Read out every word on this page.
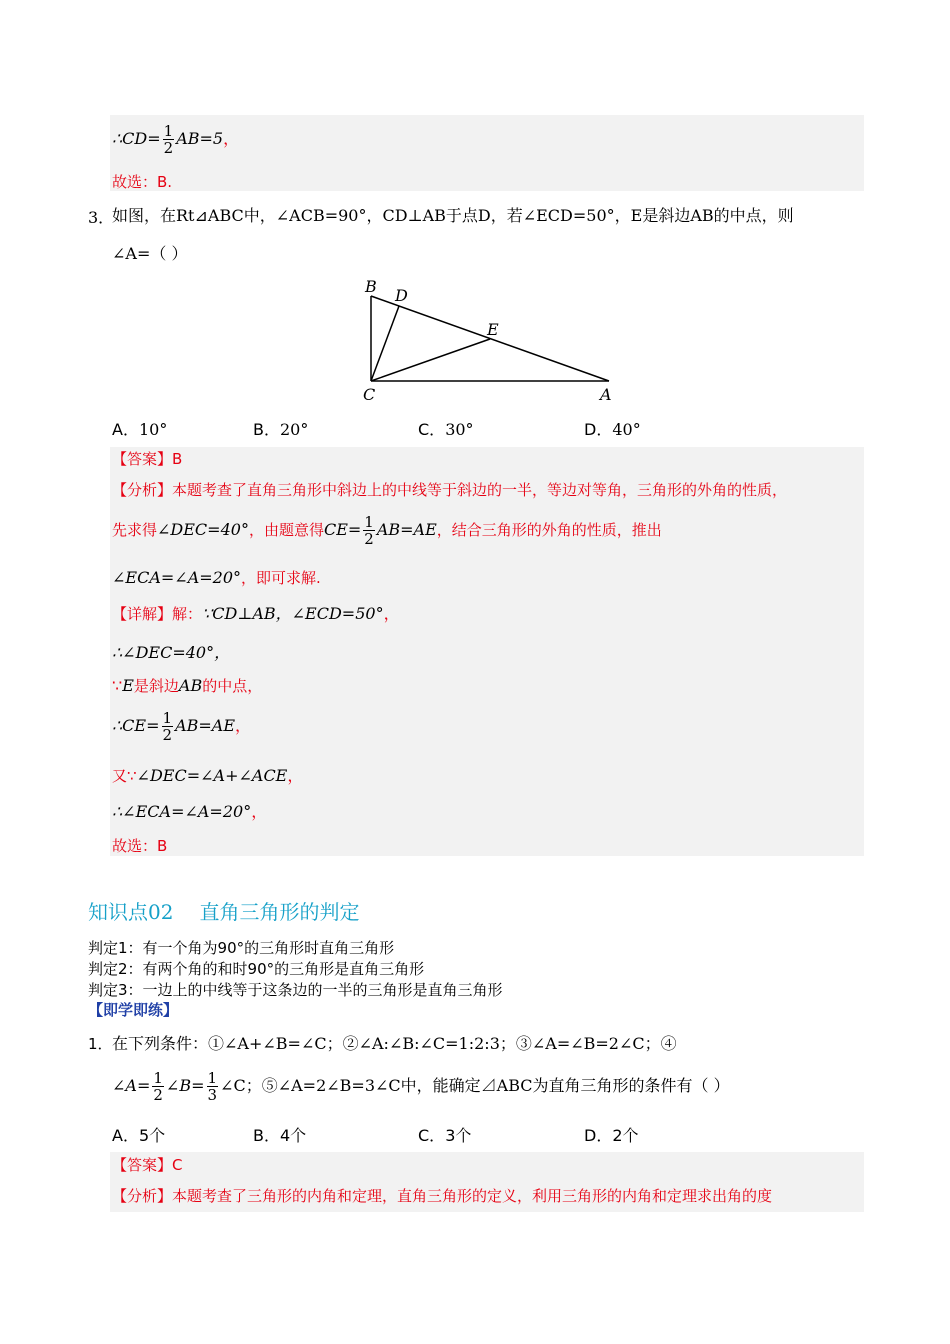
∴CD= $\frac{1}{2} AB=5$，
故选：B.
3．
如图，在Rt⊿ABC中，∠ACB=90°，CD⊥AB于点D，若∠ECD=50°，E是斜边AB的中点，则
∠A=（ ）
B D
E
C	A
A．10°	B．20°	C．30°	D．40°
【答案】B
【分析】本题考查了直角三角形中斜边上的中线等于斜边的一半，等边对等角，三角形的外角的性质，
先求得∠DEC=40°，由题意得$CE= \frac{1}{2} AB=AE$，结合三角形的外角的性质，推出
∠ECA=∠A=20°，即可求解.
【详解】解：∵CD⊥AB，∠ECD=50°，
∴∠DEC=40°，
∵E是斜边AB的中点，
∴CE= $\frac{1}{2} AB=AE$，
又∵∠DEC=∠A+∠ACE，
∴∠ECA=∠A=20°，
故选：B
知识点02 直角三角形的判定
判定1：有一个角为90°的三角形时直角三角形
判定2：有两个角的和时90°的三角形是直角三角形
判定3：一边上的中线等于这条边的一半的三角形是直角三角形
【即学即练】
1． 在下列条件：①∠A+∠B=∠C；②∠A:∠B:∠C=1:2:3；③∠A=∠B=2∠C；④
∠A= $\frac{1}{2}$ ∠B= $\frac{1}{3}$ ∠C；⑤∠A=2∠B=3∠C中，能确定⊿ABC为直角三角形的条件有（ ）
A．5个	B．4个	C．3个	D．2个
【答案】C
【分析】本题考查了三角形的内角和定理，直角三角形的定义，利用三角形的内角和定理求出角的度
